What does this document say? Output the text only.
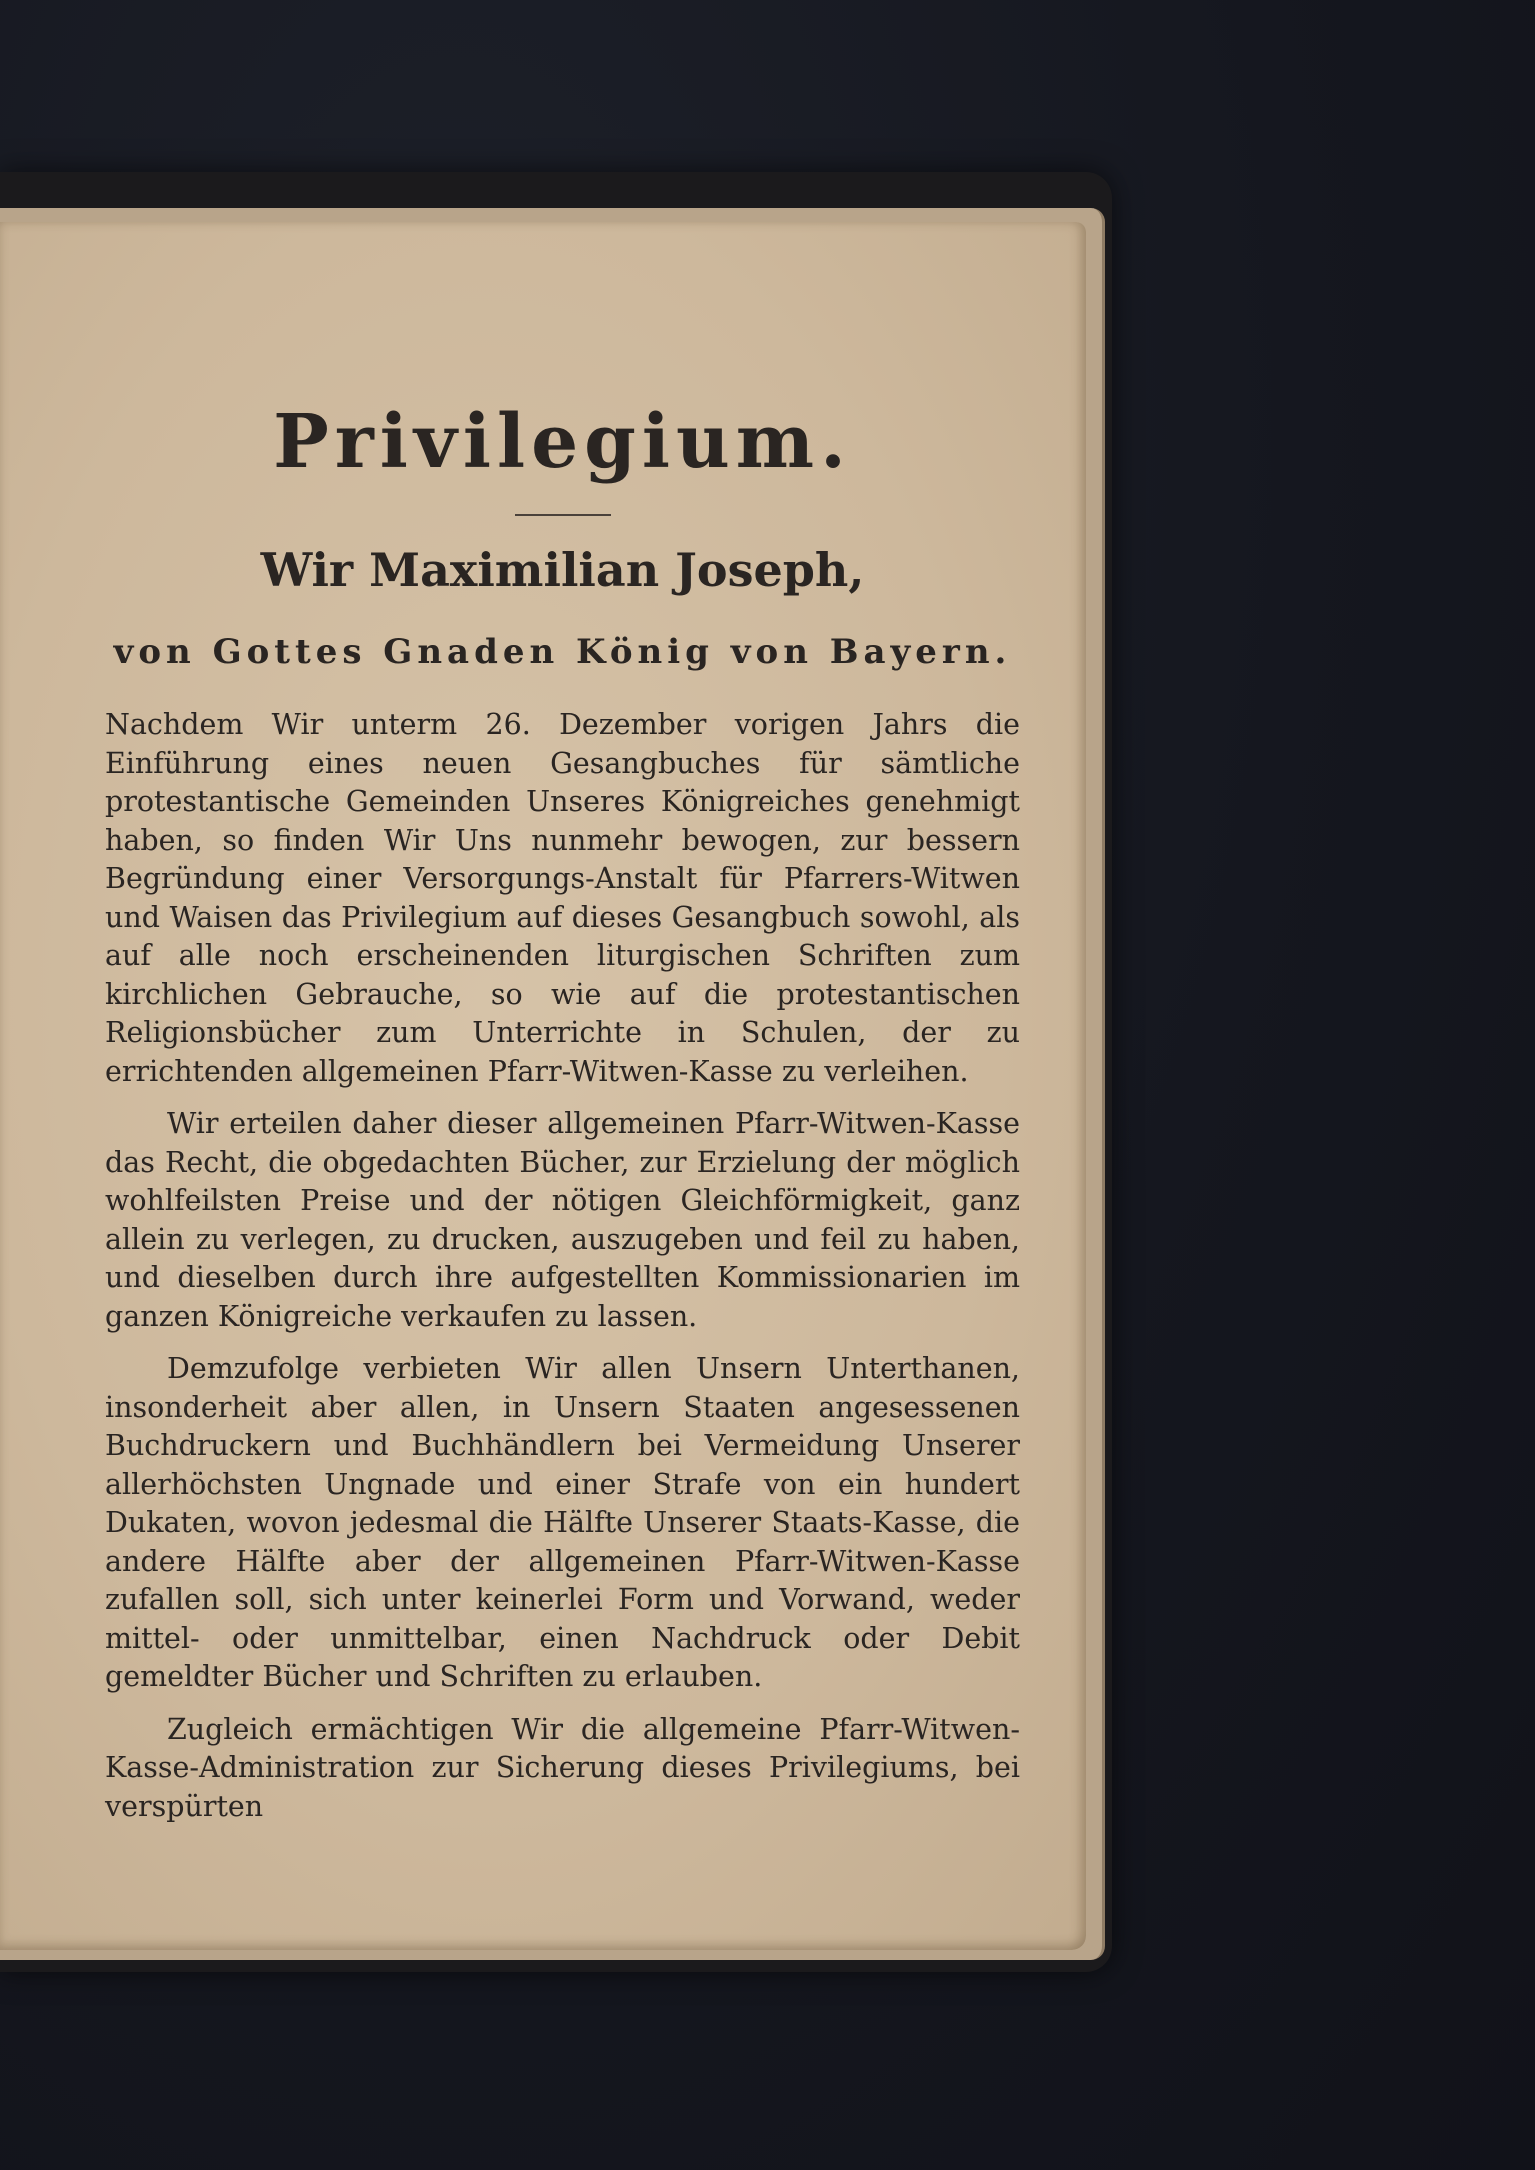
Privilegium.
Wir Maximilian Joseph,
von Gottes Gnaden König von Bayern.

Nachdem Wir unterm 26. Dezember vorigen Jahrs die Einführung eines neuen Gesangbuches für sämtliche protestantische Gemeinden Unseres Königreiches genehmigt haben, so finden Wir Uns nunmehr bewogen, zur bessern Begründung einer Versorgungs-Anstalt für Pfarrers-Witwen und Waisen das Privilegium auf dieses Gesangbuch sowohl, als auf alle noch erscheinenden liturgischen Schriften zum kirchlichen Gebrauche, so wie auf die protestantischen Religionsbücher zum Unterrichte in Schulen, der zu errichtenden allgemeinen Pfarr-Witwen-Kasse zu verleihen.

Wir erteilen daher dieser allgemeinen Pfarr-Witwen-Kasse das Recht, die obgedachten Bücher, zur Erzielung der möglich wohlfeilsten Preise und der nötigen Gleichförmigkeit, ganz allein zu verlegen, zu drucken, auszugeben und feil zu haben, und dieselben durch ihre aufgestellten Kommissionarien im ganzen Königreiche verkaufen zu lassen.

Demzufolge verbieten Wir allen Unsern Unterthanen, insonderheit aber allen, in Unsern Staaten angesessenen Buchdruckern und Buchhändlern bei Vermeidung Unserer allerhöchsten Ungnade und einer Strafe von ein hundert Dukaten, wovon jedesmal die Hälfte Unserer Staats-Kasse, die andere Hälfte aber der allgemeinen Pfarr-Witwen-Kasse zufallen soll, sich unter keinerlei Form und Vorwand, weder mittel- oder unmittelbar, einen Nachdruck oder Debit gemeldter Bücher und Schriften zu erlauben.

Zugleich ermächtigen Wir die allgemeine Pfarr-Witwen-Kasse-Administration zur Sicherung dieses Privilegiums, bei verspürten
